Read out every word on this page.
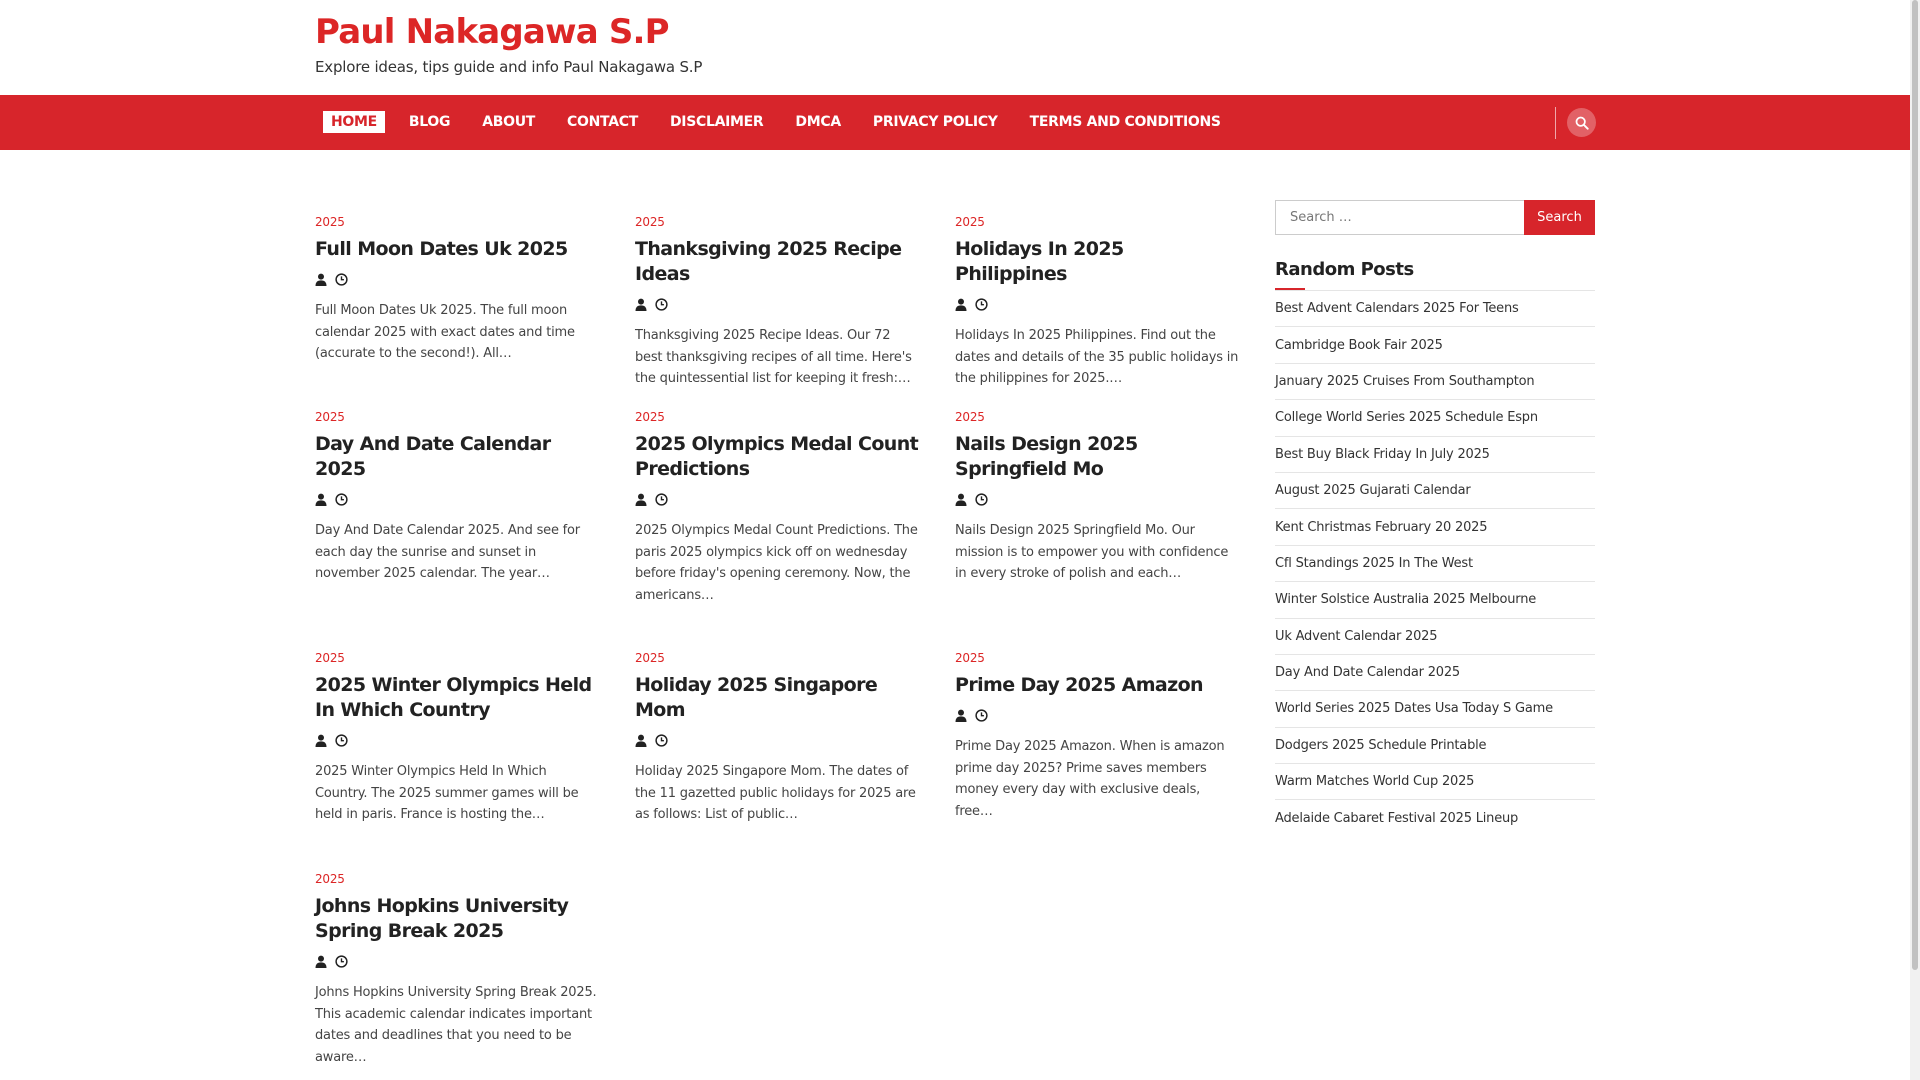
Paul Nakagawa S.P
Explore ideas, tips guide and info Paul Nakagawa S.P
HOME	BLOG	ABOUT	CONTACT	DISCLAIMER	DMCA	PRIVACY POLICY	TERMS AND CONDITIONS
2025
Full Moon Dates Uk 2025

Full Moon Dates Uk 2025. The full moon calendar 2025 with exact dates and time (accurate to the second!). All…

2025
Thanksgiving 2025 Recipe Ideas

Thanksgiving 2025 Recipe Ideas. Our 72 best thanksgiving recipes of all time. Here's the quintessential list for keeping it fresh:…

2025
Holidays In 2025 Philippines

Holidays In 2025 Philippines. Find out the dates and details of the 35 public holidays in the philippines for 2025.…

2025
Day And Date Calendar 2025

Day And Date Calendar 2025. And see for each day the sunrise and sunset in november 2025 calendar. The year…

2025
2025 Olympics Medal Count Predictions

2025 Olympics Medal Count Predictions. The paris 2025 olympics kick off on wednesday before friday's opening ceremony. Now, the americans…

2025
Nails Design 2025 Springfield Mo

Nails Design 2025 Springfield Mo. Our mission is to empower you with confidence in every stroke of polish and each…

2025
2025 Winter Olympics Held In Which Country

2025 Winter Olympics Held In Which Country. The 2025 summer games will be held in paris. France is hosting the…

2025
Holiday 2025 Singapore Mom

Holiday 2025 Singapore Mom. The dates of the 11 gazetted public holidays for 2025 are as follows: List of public…

2025
Prime Day 2025 Amazon

Prime Day 2025 Amazon. When is amazon prime day 2025? Prime saves members money every day with exclusive deals, free…

2025
Johns Hopkins University Spring Break 2025

Johns Hopkins University Spring Break 2025. This academic calendar indicates important dates and deadlines that you need to be aware…

Search …
Search
Random Posts
Best Advent Calendars 2025 For Teens
Cambridge Book Fair 2025
January 2025 Cruises From Southampton
College World Series 2025 Schedule Espn
Best Buy Black Friday In July 2025
August 2025 Gujarati Calendar
Kent Christmas February 20 2025
Cfl Standings 2025 In The West
Winter Solstice Australia 2025 Melbourne
Uk Advent Calendar 2025
Day And Date Calendar 2025
World Series 2025 Dates Usa Today S Game
Dodgers 2025 Schedule Printable
Warm Matches World Cup 2025
Adelaide Cabaret Festival 2025 Lineup
